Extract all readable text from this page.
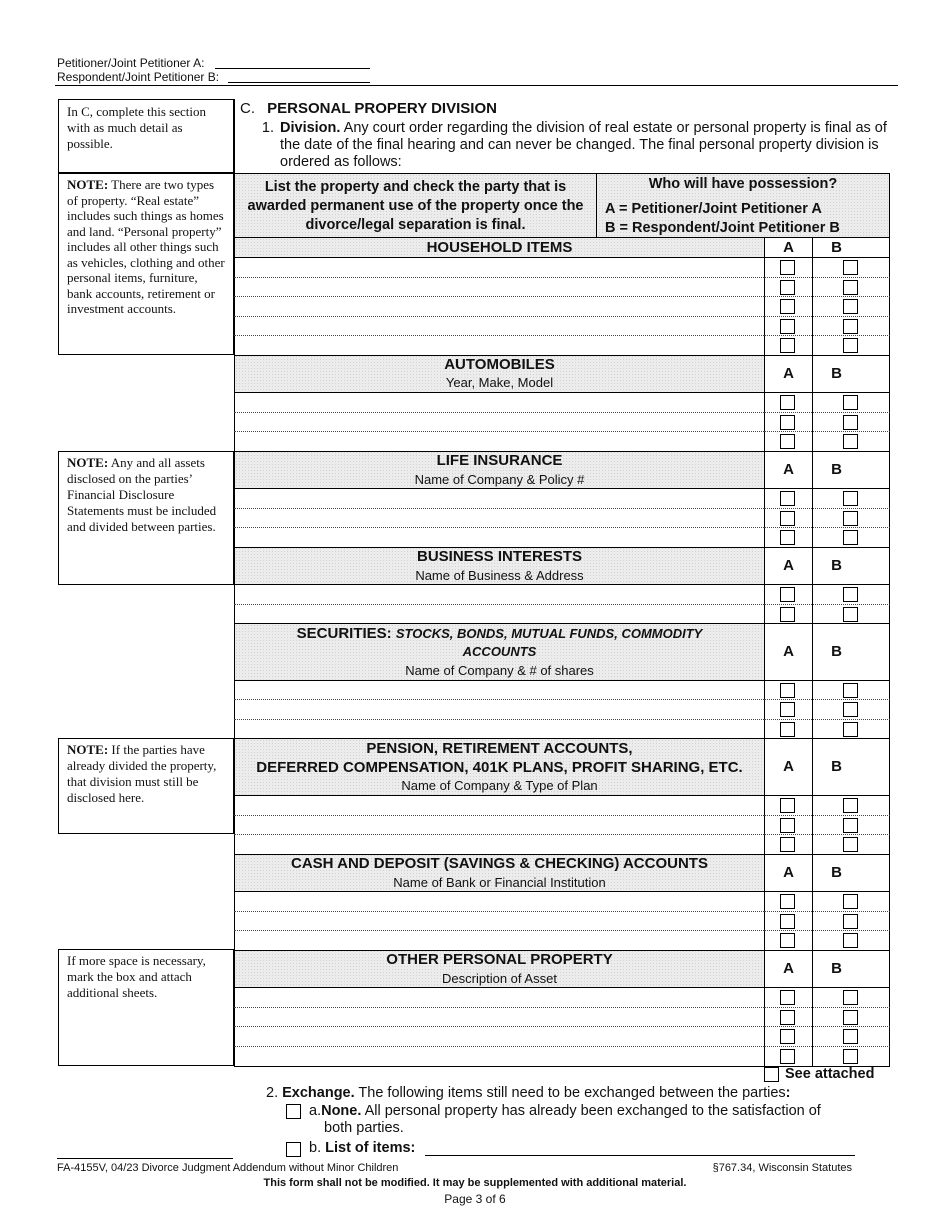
Petitioner/Joint Petitioner A:
Respondent/Joint Petitioner B:
In C, complete this section with as much detail as possible.
NOTE: There are two types of property. “Real estate” includes such things as homes and land. “Personal property” includes all other things such as vehicles, clothing and other personal items, furniture, bank accounts, retirement or investment accounts.
NOTE: Any and all assets disclosed on the parties’ Financial Disclosure Statements must be included and divided between parties.
NOTE: If the parties have already divided the property, that division must still be disclosed here.
If more space is necessary, mark the box and attach additional sheets.
C. PERSONAL PROPERY DIVISION
1. Division. Any court order regarding the division of real estate or personal property is final as of the date of the final hearing and can never be changed. The final personal property division is ordered as follows:
List the property and check the party that is awarded permanent use of the property once the divorce/legal separation is final.
Who will have possession?
A = Petitioner/Joint Petitioner A
B = Respondent/Joint Petitioner B
HOUSEHOLD ITEMS	A	B
AUTOMOBILES
Year, Make, Model
A	B
LIFE INSURANCE
Name of Company & Policy #
A	B
BUSINESS INTERESTS
Name of Business & Address
A	B
SECURITIES: STOCKS, BONDS, MUTUAL FUNDS, COMMODITY
ACCOUNTS
Name of Company & # of shares
A	B
PENSION, RETIREMENT ACCOUNTS,
DEFERRED COMPENSATION, 401K PLANS, PROFIT SHARING, ETC.
Name of Company & Type of Plan
A	B
CASH AND DEPOSIT (SAVINGS & CHECKING) ACCOUNTS
Name of Bank or Financial Institution
A	B
OTHER PERSONAL PROPERTY
Description of Asset
A	B
See attached
2. Exchange. The following items still need to be exchanged between the parties:
a.None. All personal property has already been exchanged to the satisfaction of
both parties.
b. List of items:
FA-4155V, 04/23 Divorce Judgment Addendum without Minor Children	§767.34, Wisconsin Statutes
This form shall not be modified. It may be supplemented with additional material.
Page 3 of 6
